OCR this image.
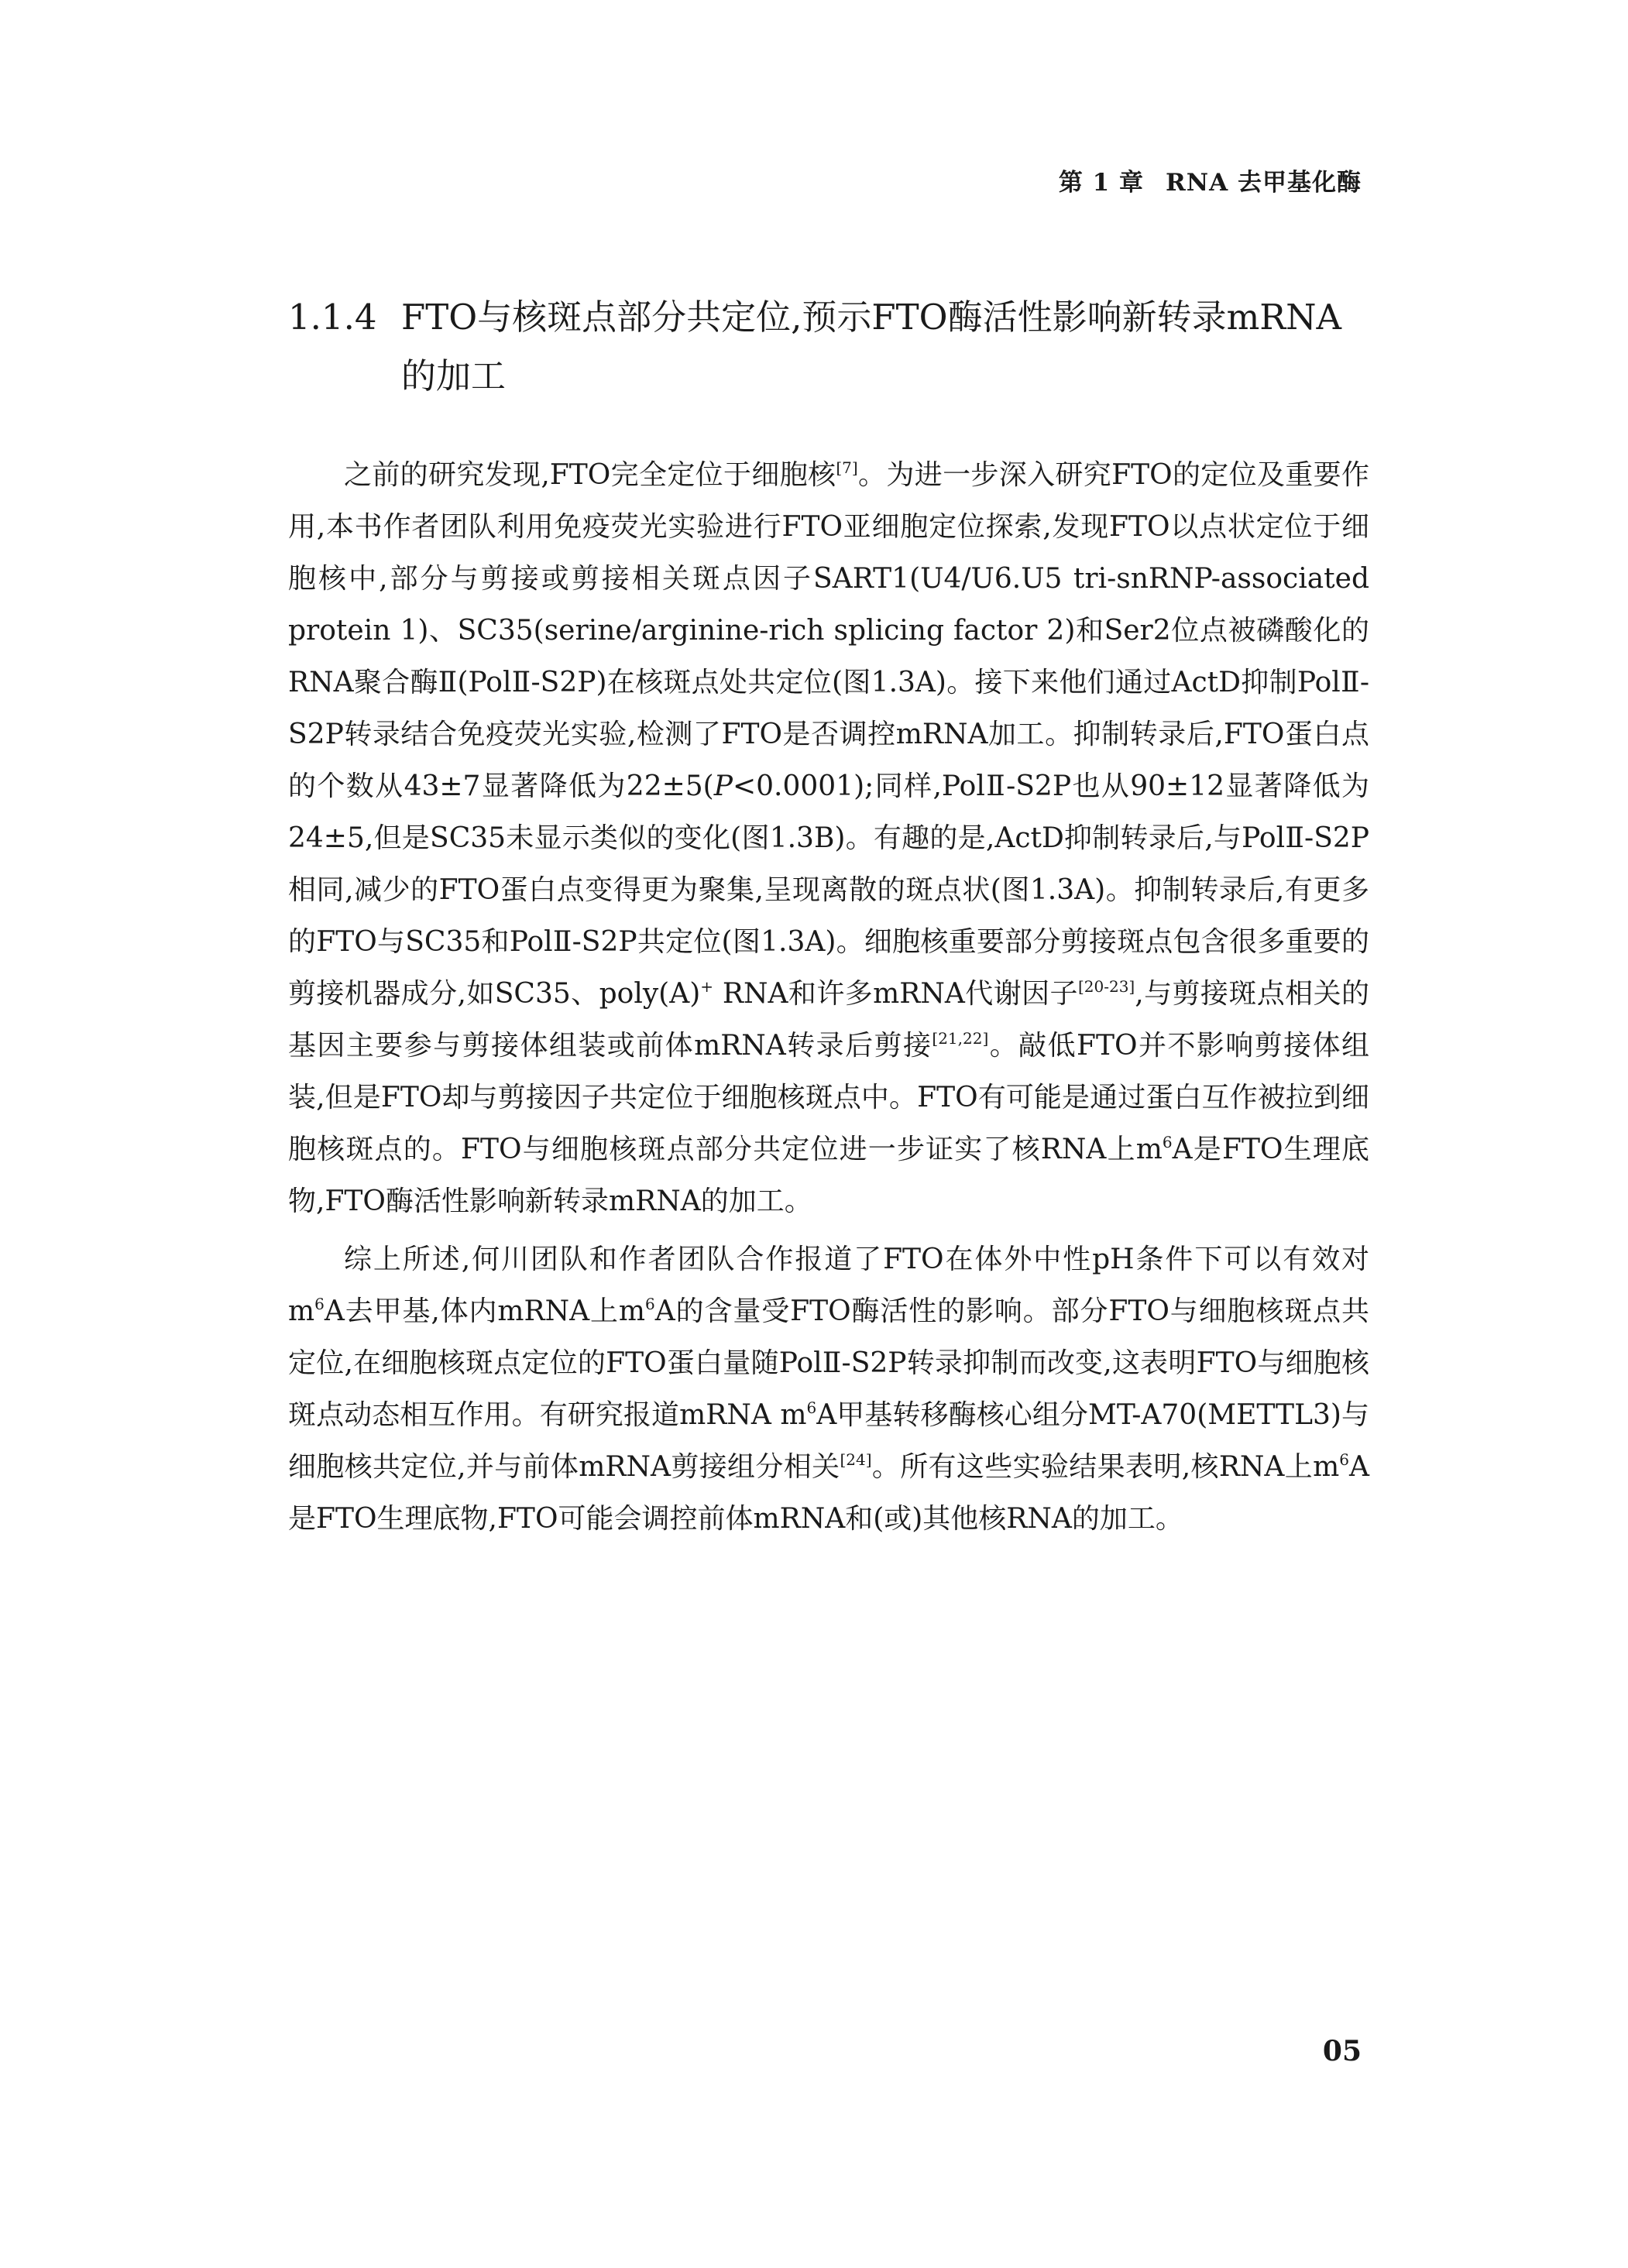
第 1 章 RNA 去甲基化酶
1.1.4 FTO与核斑点部分共定位,预示FTO酶活性影响新转录mRNA的加工

之前的研究发现,FTO完全定位于细胞核[7]。为进一步深入研究FTO的定位及重要作用,本书作者团队利用免疫荧光实验进行FTO亚细胞定位探索,发现FTO以点状定位于细胞核中,部分与剪接或剪接相关斑点因子SART1(U4/U6.U5 tri-snRNP-associated protein 1)、SC35(serine/arginine-rich splicing factor 2)和Ser2位点被磷酸化的RNA聚合酶Ⅱ(PolⅡ-S2P)在核斑点处共定位(图1.3A)。接下来他们通过ActD抑制PolⅡ-S2P转录结合免疫荧光实验,检测了FTO是否调控mRNA加工。抑制转录后,FTO蛋白点的个数从43±7显著降低为22±5(P<0.0001);同样,PolⅡ-S2P也从90±12显著降低为24±5,但是SC35未显示类似的变化(图1.3B)。有趣的是,ActD抑制转录后,与PolⅡ-S2P相同,减少的FTO蛋白点变得更为聚集,呈现离散的斑点状(图1.3A)。抑制转录后,有更多的FTO与SC35和PolⅡ-S2P共定位(图1.3A)。细胞核重要部分剪接斑点包含很多重要的剪接机器成分,如SC35、poly(A)+ RNA和许多mRNA代谢因子[20-23],与剪接斑点相关的基因主要参与剪接体组装或前体mRNA转录后剪接[21,22]。敲低FTO并不影响剪接体组装,但是FTO却与剪接因子共定位于细胞核斑点中。FTO有可能是通过蛋白互作被拉到细胞核斑点的。FTO与细胞核斑点部分共定位进一步证实了核RNA上$m^6A$是FTO生理底物,FTO酶活性影响新转录mRNA的加工。

综上所述,何川团队和作者团队合作报道了FTO在体外中性pH条件下可以有效对$m^6A$去甲基,体内mRNA上$m^6A$的含量受FTO酶活性的影响。部分FTO与细胞核斑点共定位,在细胞核斑点定位的FTO蛋白量随PolⅡ-S2P转录抑制而改变,这表明FTO与细胞核斑点动态相互作用。有研究报道mRNA $m^6A$甲基转移酶核心组分MT-A70(METTL3)与细胞核共定位,并与前体mRNA剪接组分相关[24]。所有这些实验结果表明,核RNA上$m^6A$是FTO生理底物,FTO可能会调控前体mRNA和(或)其他核RNA的加工。

05
